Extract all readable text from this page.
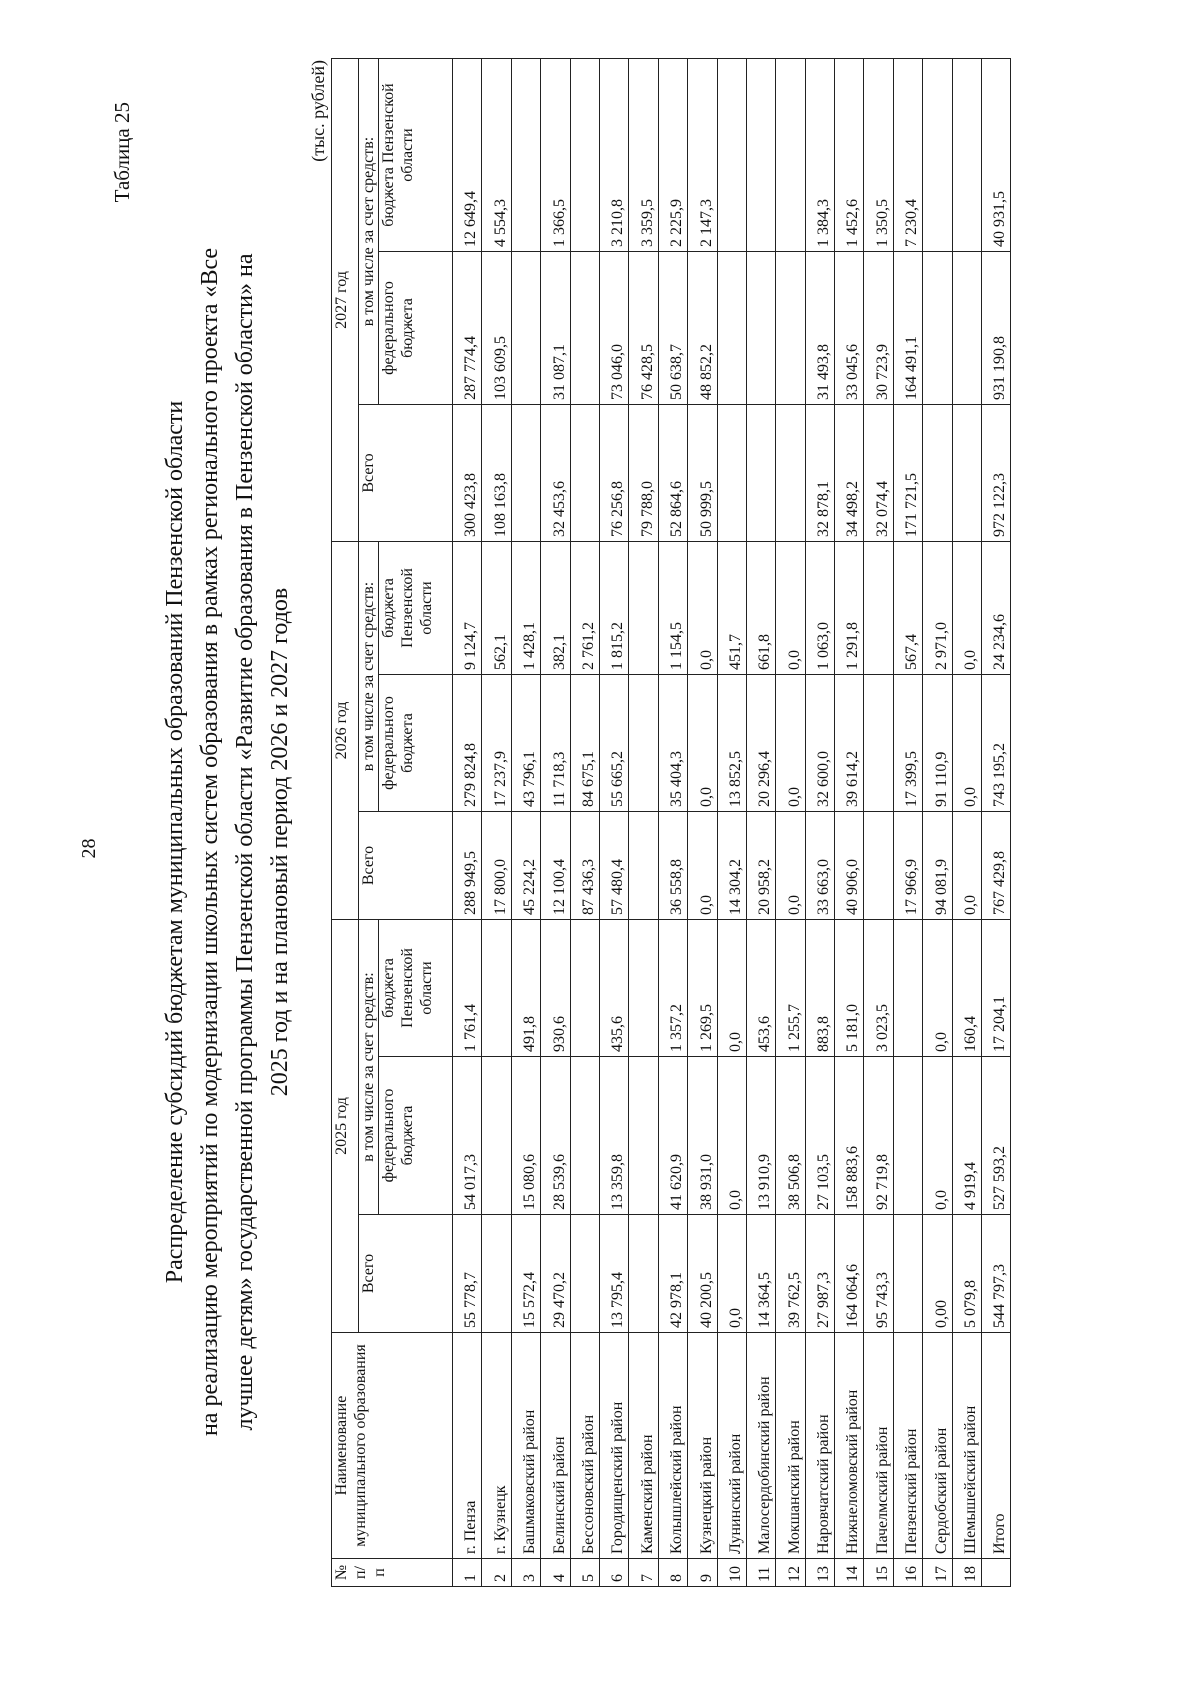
28
Таблица 25
Распределение субсидий бюджетам муниципальных образований Пензенской области на реализацию мероприятий по модернизации школьных систем образования в рамках регионального проекта «Все лучшее детям» государственной программы Пензенской области «Развитие образования в Пензенской области» на 2025 год и на плановый период 2026 и 2027 годов
(тыс. рублей)
№ п/п	Наименование муниципального образования	2025 год			2026 год			2027 год		
		Всего	в том числе за счет средств:		Всего	в том числе за счет средств:		Всего	в том числе за счет средств:	
			федерального бюджета	бюджета Пензенской области		федерального бюджета	бюджета Пензенской области		федерального бюджета	бюджета Пензенской области
1	г. Пенза	55 778,7	54 017,3	1 761,4	288 949,5	279 824,8	9 124,7	300 423,8	287 774,4	12 649,4
2	г. Кузнецк				17 800,0	17 237,9	562,1	108 163,8	103 609,5	4 554,3
3	Башмаковский район	15 572,4	15 080,6	491,8	45 224,2	43 796,1	1 428,1			
4	Белинский район	29 470,2	28 539,6	930,6	12 100,4	11 718,3	382,1	32 453,6	31 087,1	1 366,5
5	Бессоновский район				87 436,3	84 675,1	2 761,2			
6	Городищенский район	13 795,4	13 359,8	435,6	57 480,4	55 665,2	1 815,2	76 256,8	73 046,0	3 210,8
7	Каменский район							79 788,0	76 428,5	3 359,5
8	Колышлейский район	42 978,1	41 620,9	1 357,2	36 558,8	35 404,3	1 154,5	52 864,6	50 638,7	2 225,9
9	Кузнецкий район	40 200,5	38 931,0	1 269,5	0,0	0,0	0,0	50 999,5	48 852,2	2 147,3
10	Лунинский район	0,0	0,0	0,0	14 304,2	13 852,5	451,7			
11	Малосердобинский район	14 364,5	13 910,9	453,6	20 958,2	20 296,4	661,8			
12	Мокшанский район	39 762,5	38 506,8	1 255,7	0,0	0,0	0,0			
13	Наровчатский район	27 987,3	27 103,5	883,8	33 663,0	32 600,0	1 063,0	32 878,1	31 493,8	1 384,3
14	Нижнеломовский район	164 064,6	158 883,6	5 181,0	40 906,0	39 614,2	1 291,8	34 498,2	33 045,6	1 452,6
15	Пачелмский район	95 743,3	92 719,8	3 023,5				32 074,4	30 723,9	1 350,5
16	Пензенский район				17 966,9	17 399,5	567,4	171 721,5	164 491,1	7 230,4
17	Сердобский район	0,00	0,0	0,0	94 081,9	91 110,9	2 971,0			
18	Шемышейский район	5 079,8	4 919,4	160,4	0,0	0,0	0,0			
	Итого	544 797,3	527 593,2	17 204,1	767 429,8	743 195,2	24 234,6	972 122,3	931 190,8	40 931,5
